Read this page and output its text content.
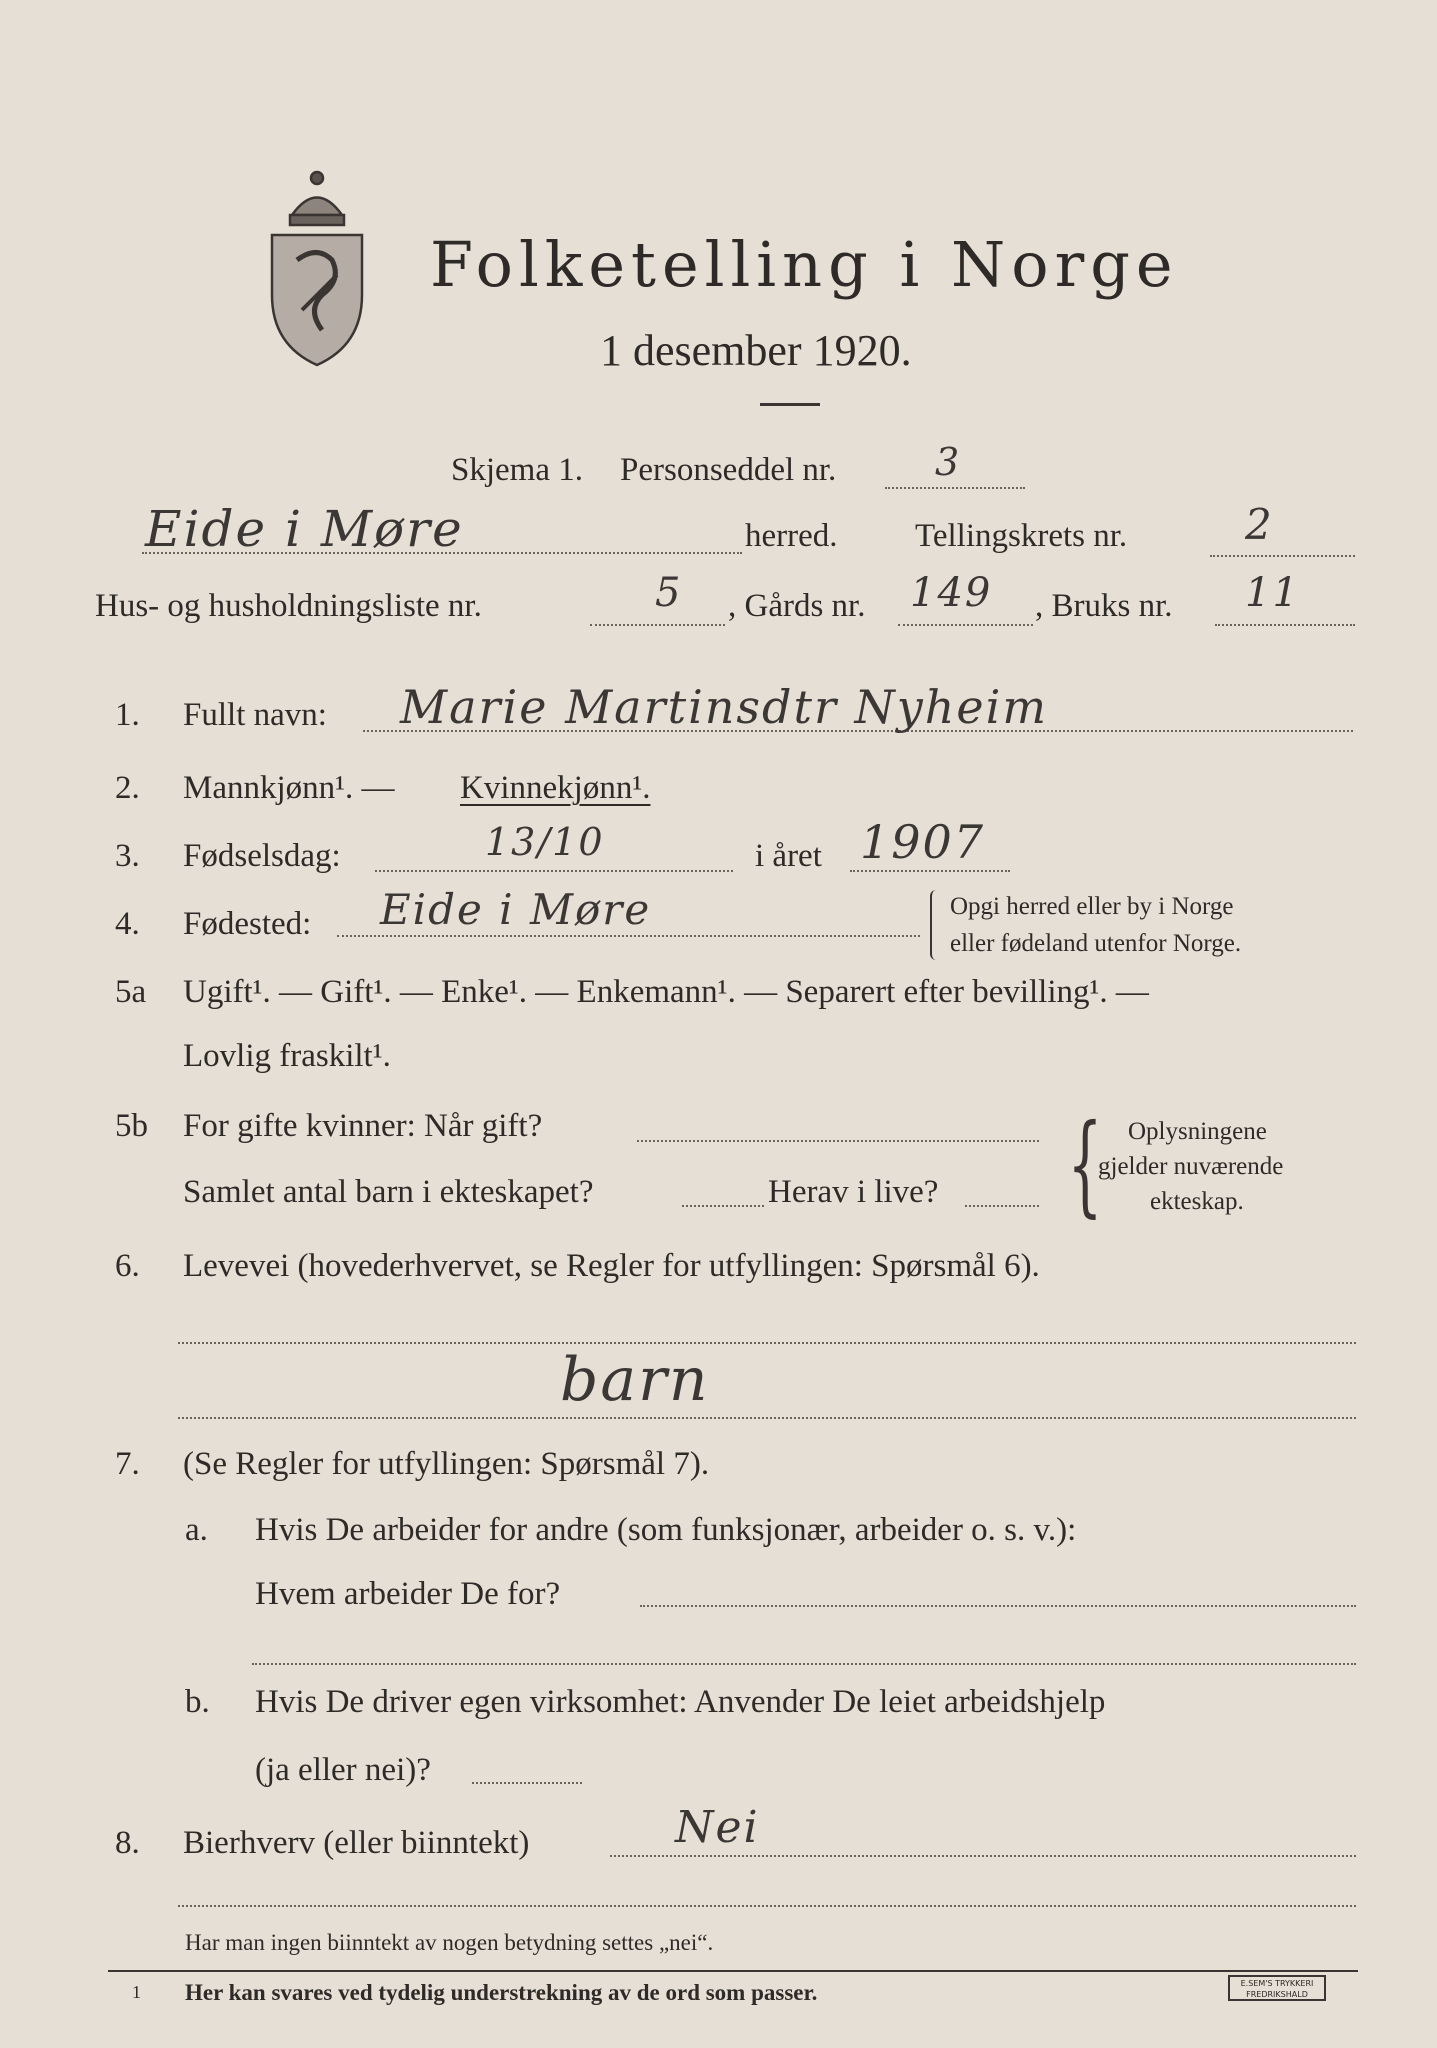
Folketelling i Norge
1 desember 1920.
Skjema 1. Personseddel nr.	3
Eide i Møre	herred. Tellingskrets nr.	2
Hus- og husholdningsliste nr.	5 , Gårds nr. 149 , Bruks nr. 11
1. Fullt navn: Marie Martinsdtr Nyheim
2. Mannkjønn¹. — Kvinnekjønn¹.
3. Fødselsdag:	13/10	i året 1907
4. Fødested: Eide i Møre	Opgi herred eller by i Norge
eller fødeland utenfor Norge.
5a Ugift¹. — Gift¹. — Enke¹. — Enkemann¹. — Separert efter bevilling¹. —
Lovlig fraskilt¹.
5b For gifte kvinner: Når gift?
Samlet antal barn i ekteskapet?	Herav i live? { Oplysningene
gjelder nuværende
ekteskap.
6. Levevei (hovederhvervet, se Regler for utfyllingen: Spørsmål 6).
barn
7. (Se Regler for utfyllingen: Spørsmål 7).
a. Hvis De arbeider for andre (som funksjonær, arbeider o. s. v.):
Hvem arbeider De for?
b. Hvis De driver egen virksomhet: Anvender De leiet arbeidshjelp
(ja eller nei)?
8. Bierhverv (eller biinntekt)	Nei
Har man ingen biinntekt av nogen betydning settes „nei“.
1 Her kan svares ved tydelig understrekning av de ord som passer.	E.SEM'S TRYKKERI FREDRIKSHALD
